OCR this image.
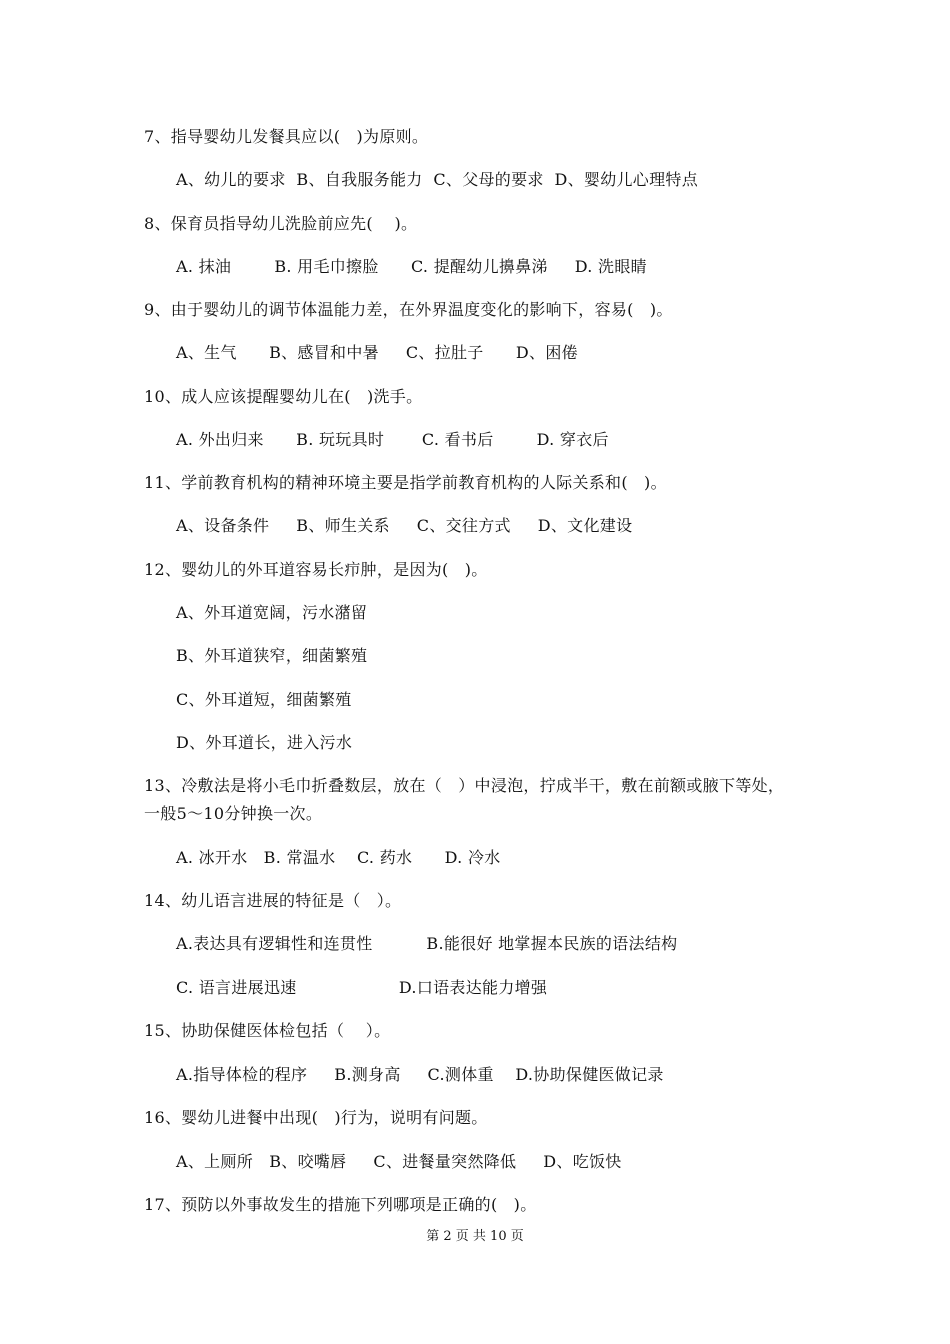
7、指导婴幼儿发餐具应以(   )为原则。
A、幼儿的要求  B、自我服务能力  C、父母的要求  D、婴幼儿心理特点
8、保育员指导幼儿洗脸前应先(    )。
A. 抹油        B. 用毛巾擦脸      C. 提醒幼儿擤鼻涕     D. 洗眼睛
9、由于婴幼儿的调节体温能力差，在外界温度变化的影响下，容易(   )。
A、生气      B、感冒和中暑     C、拉肚子      D、困倦
10、成人应该提醒婴幼儿在(   )洗手。
A. 外出归来      B. 玩玩具时       C. 看书后        D. 穿衣后
11、学前教育机构的精神环境主要是指学前教育机构的人际关系和(   )。
A、设备条件     B、师生关系     C、交往方式     D、文化建设
12、婴幼儿的外耳道容易长疖肿，是因为(   )。
A、外耳道宽阔，污水潴留
B、外耳道狭窄，细菌繁殖
C、外耳道短，细菌繁殖
D、外耳道长，进入污水
13、冷敷法是将小毛巾折叠数层，放在（   ）中浸泡，拧成半干，敷在前额或腋下等处，
一般5～10分钟换一次。
A. 冰开水   B. 常温水    C. 药水      D. 冷水
14、幼儿语言进展的特征是（   ）。
A.表达具有逻辑性和连贯性          B.能很好 地掌握本民族的语法结构
C. 语言进展迅速                   D.口语表达能力增强
15、协助保健医体检包括（    ）。
A.指导体检的程序     B.测身高     C.测体重    D.协助保健医做记录
16、婴幼儿进餐中出现(   )行为，说明有问题。
A、上厕所   B、咬嘴唇     C、进餐量突然降低     D、吃饭快
17、预防以外事故发生的措施下列哪项是正确的(   )。
第 2 页 共 10 页
